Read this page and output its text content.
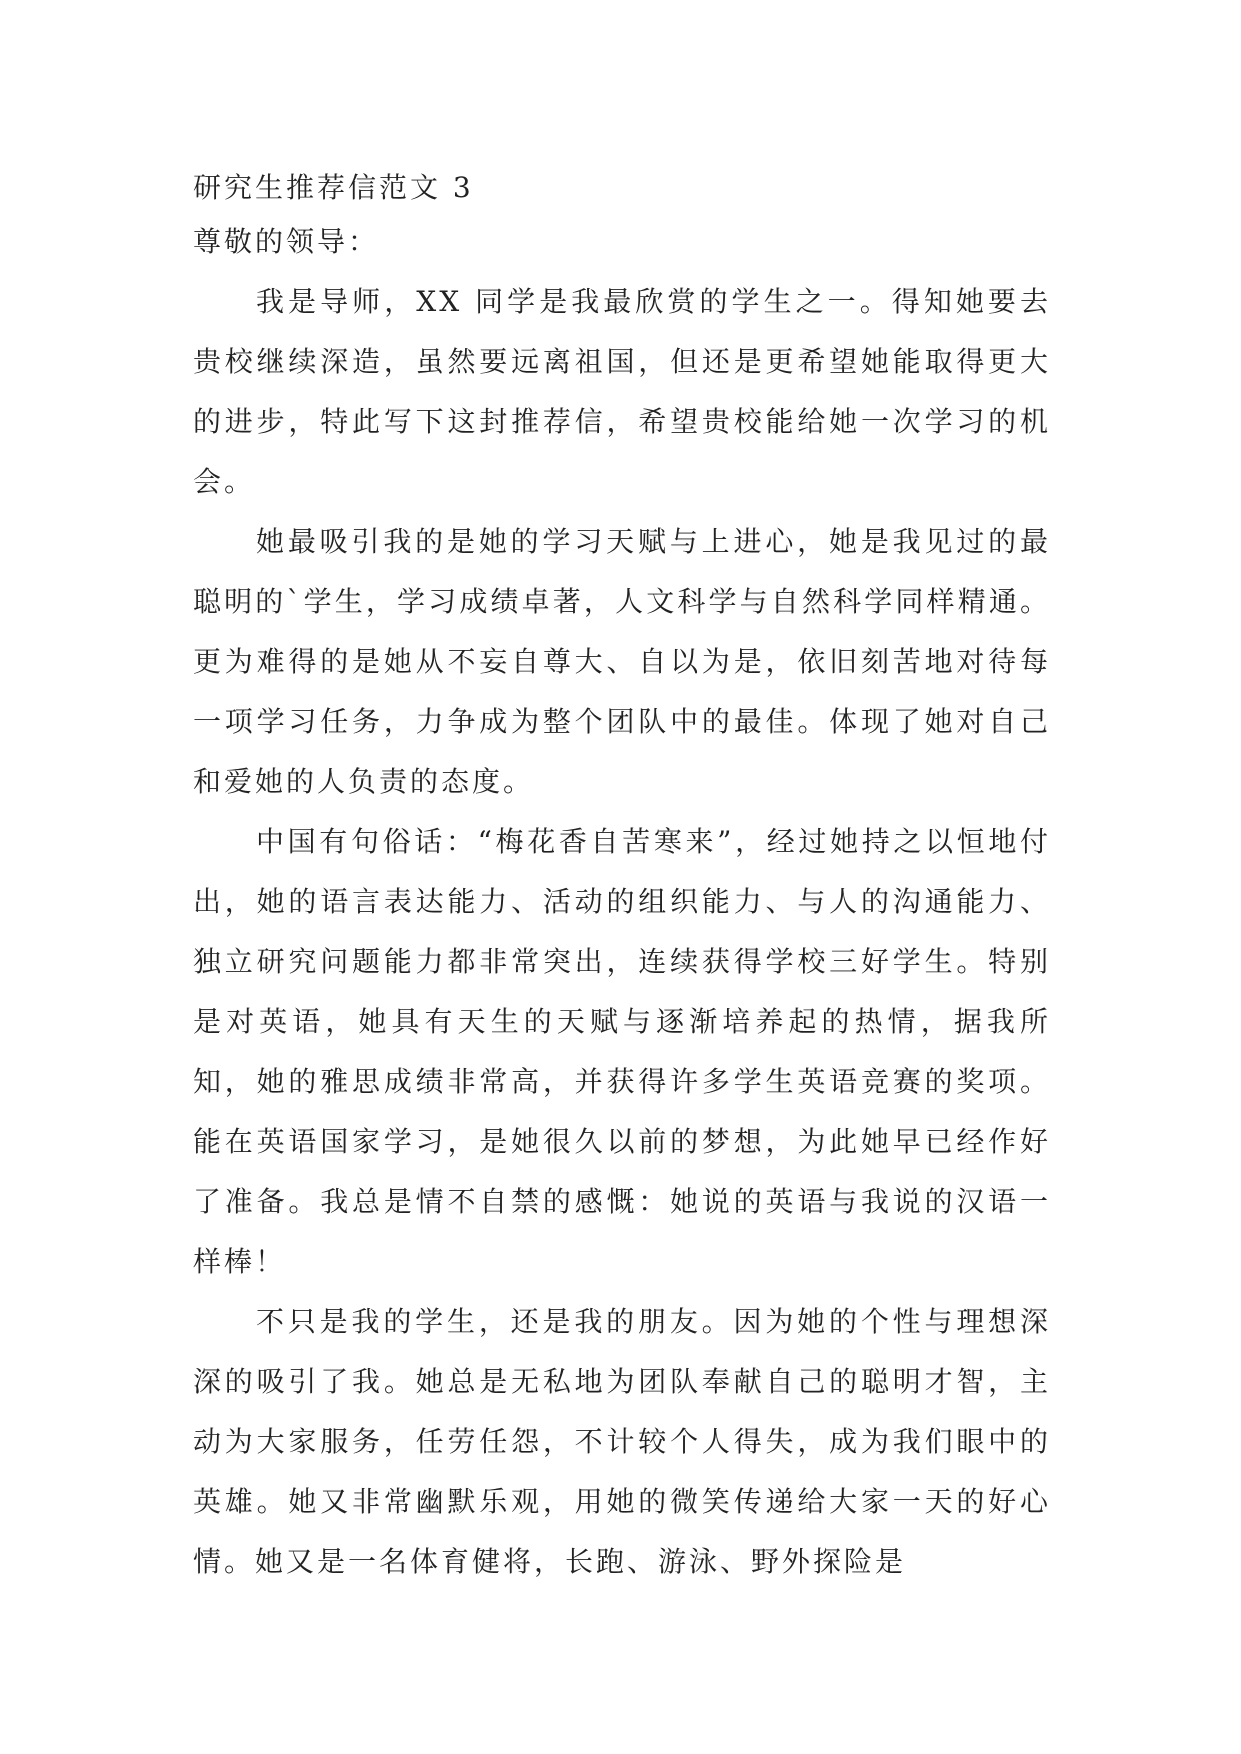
研究生推荐信范文 3
尊敬的领导：

我是导师，XX 同学是我最欣赏的学生之一。得知她要去贵校继续深造，虽然要远离祖国，但还是更希望她能取得更大的进步，特此写下这封推荐信，希望贵校能给她一次学习的机会。

她最吸引我的是她的学习天赋与上进心，她是我见过的最聪明的`学生，学习成绩卓著，人文科学与自然科学同样精通。更为难得的是她从不妄自尊大、自以为是，依旧刻苦地对待每一项学习任务，力争成为整个团队中的最佳。体现了她对自己和爱她的人负责的态度。

中国有句俗话：“梅花香自苦寒来”，经过她持之以恒地付出，她的语言表达能力、活动的组织能力、与人的沟通能力、独立研究问题能力都非常突出，连续获得学校三好学生。特别是对英语，她具有天生的天赋与逐渐培养起的热情，据我所知，她的雅思成绩非常高，并获得许多学生英语竞赛的奖项。能在英语国家学习，是她很久以前的梦想，为此她早已经作好了准备。我总是情不自禁的感慨：她说的英语与我说的汉语一样棒！

不只是我的学生，还是我的朋友。因为她的个性与理想深深的吸引了我。她总是无私地为团队奉献自己的聪明才智，主动为大家服务，任劳任怨，不计较个人得失，成为我们眼中的英雄。她又非常幽默乐观，用她的微笑传递给大家一天的好心情。她又是一名体育健将，长跑、游泳、野外探险是
